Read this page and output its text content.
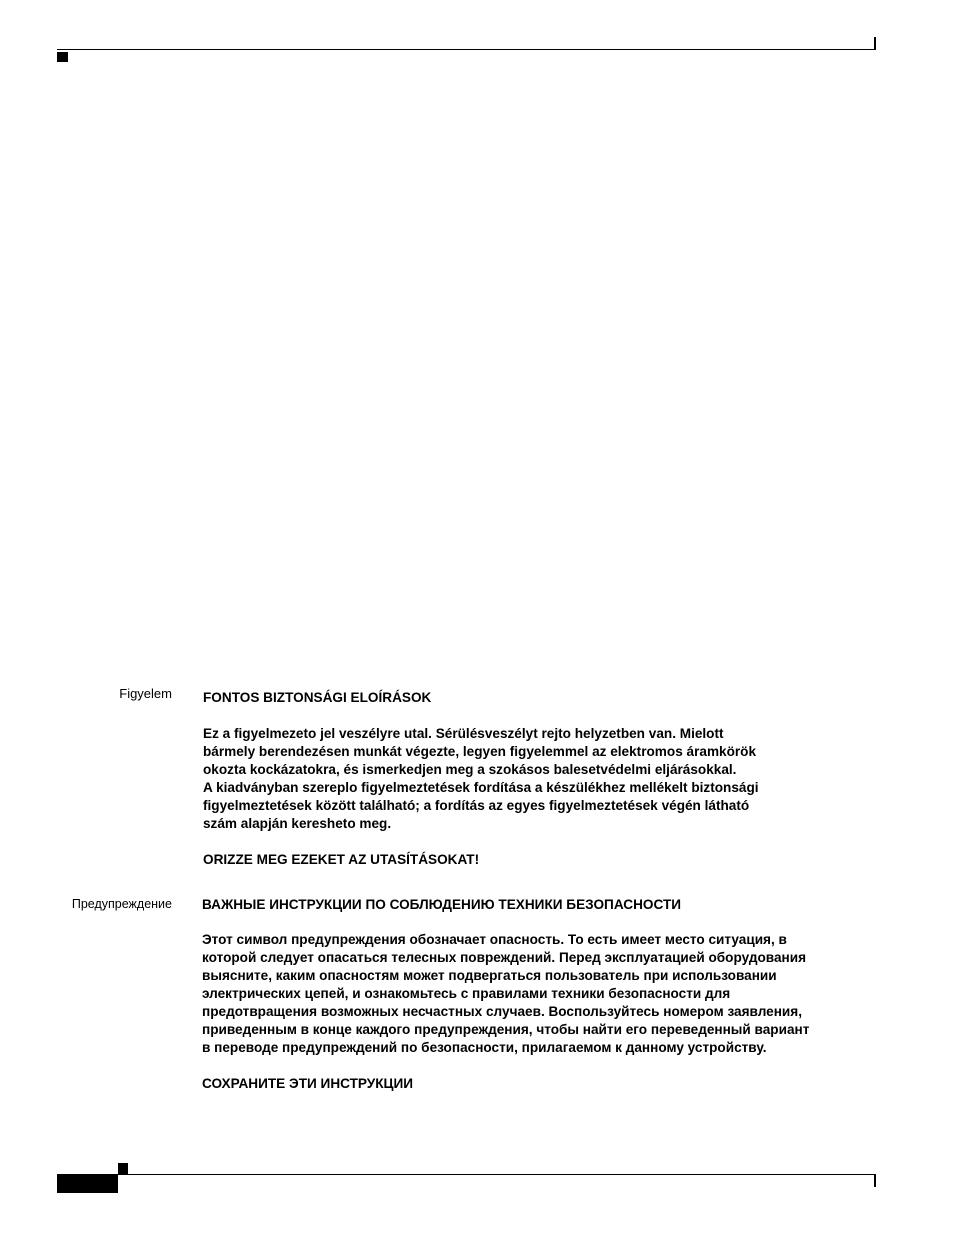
Figyelem FONTOS BIZTONSÁGI ELOÍRÁSOK

Ez a figyelmezeto jel veszélyre utal. Sérülésveszélyt rejto helyzetben van. Mielott

bármely berendezésen munkát végezte, legyen figyelemmel az elektromos áramkörök

okozta kockázatokra, és ismerkedjen meg a szokásos balesetvédelmi eljárásokkal.

A kiadványban szereplo figyelmeztetések fordítása a készülékhez mellékelt biztonsági

figyelmeztetések között található; a fordítás az egyes figyelmeztetések végén látható

szám alapján kereshetо meg.

ORIZZE MEG EZEKET AZ UTASÍTÁSOKAT!
Предупреждение ВАЖНЫЕ ИНСТРУКЦИИ ПО СОБЛЮДЕНИЮ ТЕХНИКИ БЕЗОПАСНОСТИ

Этот символ предупреждения обозначает опасность. То есть имеет место ситуация, в

которой следует опасаться телесных повреждений. Перед эксплуатацией оборудования

выясните, каким опасностям может подвергаться пользователь при использовании

электрических цепей, и ознакомьтесь с правилами техники безопасности для

предотвращения возможных несчастных случаев. Воспользуйтесь номером заявления,

приведенным в конце каждого предупреждения, чтобы найти его переведенный вариант

в переводе предупреждений по безопасности, прилагаемом к данному устройству.

СОХРАНИТЕ ЭТИ ИНСТРУКЦИИ
